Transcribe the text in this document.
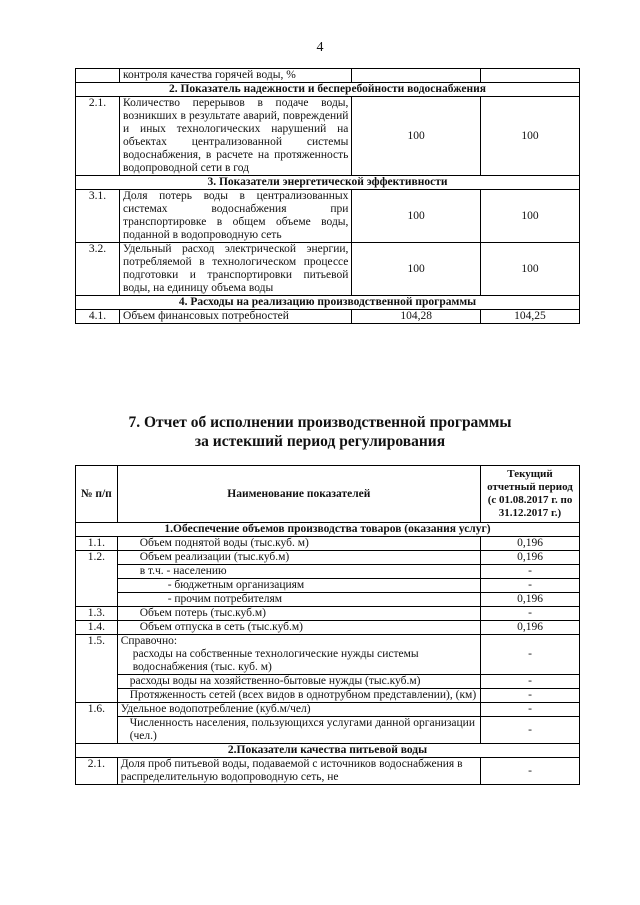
4
	контроля качества горячей воды, %		
2. Показатель надежности и бесперебойности водоснабжения			
2.1.	Количество перерывов в подаче воды, возникших в результате аварий, повреждений и иных технологических нарушений на объектах централизованной системы водоснабжения, в расчете на протяженность водопроводной сети в год	100	100
3. Показатели энергетической эффективности			
3.1.	Доля потерь воды в централизованных системах водоснабжения при транспортировке в общем объеме воды, поданной в водопроводную сеть	100	100
3.2.	Удельный расход электрической энергии, потребляемой в технологическом процессе подготовки и транспортировки питьевой воды, на единицу объема воды	100	100
4. Расходы на реализацию производственной программы			
4.1.	Объем финансовых потребностей	104,28	104,25
7. Отчет об исполнении производственной программы
за истекший период регулирования
№ п/п	Наименование показателей	Текущий отчетный период (с 01.08.2017 г. по 31.12.2017 г.)
1.Обеспечение объемов производства товаров (оказания услуг)		
1.1.	Объем поднятой воды (тыс.куб. м)	0,196
1.2.	Объем реализации (тыс.куб.м)	0,196
	в т.ч. - населению	-
	- бюджетным организациям	-
	- прочим потребителям	0,196
1.3.	Объем потерь (тыс.куб.м)	-
1.4.	Объем отпуска в сеть (тыс.куб.м)	0,196
1.5.	Справочно:
расходы на собственные технологические нужды системы водоснабжения (тыс. куб. м)	-
	расходы воды на хозяйственно-бытовые нужды (тыс.куб.м)	-
	Протяженность сетей (всех видов в однотрубном представлении), (км)	-
1.6.	Удельное водопотребление (куб.м/чел)	-
	Численность населения, пользующихся услугами данной организации (чел.)	-
2.Показатели качества питьевой воды		
2.1.	Доля проб питьевой воды, подаваемой с источников водоснабжения в распределительную водопроводную сеть, не	-
